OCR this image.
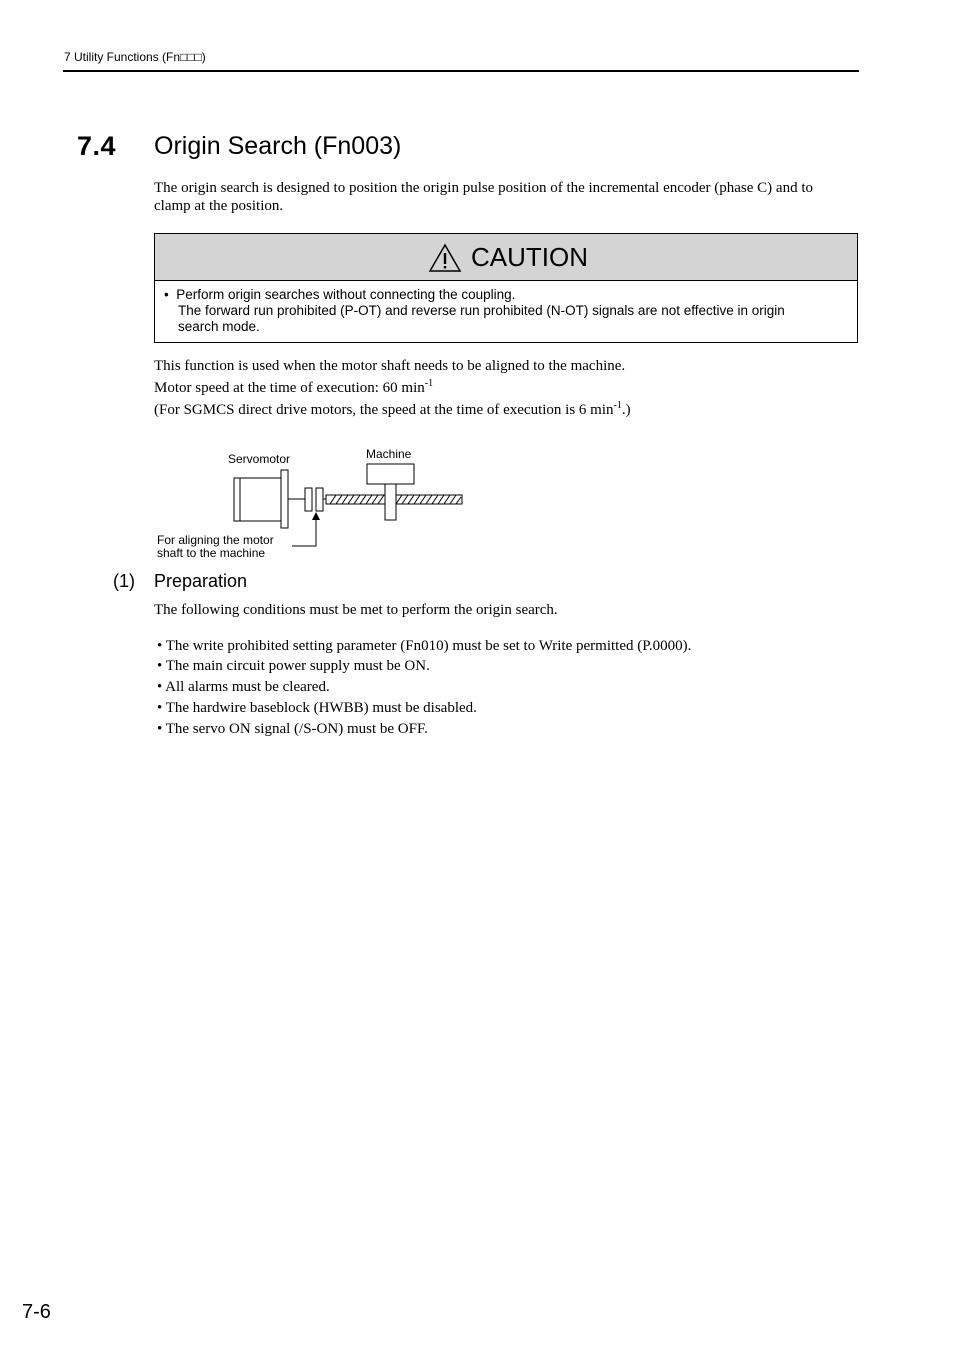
7 Utility Functions (Fn□□□)
7.4 Origin Search (Fn003)
The origin search is designed to position the origin pulse position of the incremental encoder (phase C) and to
clamp at the position.
CAUTION
• Perform origin searches without connecting the coupling.
The forward run prohibited (P-OT) and reverse run prohibited (N-OT) signals are not effective in origin
search mode.
This function is used when the motor shaft needs to be aligned to the machine.
Motor speed at the time of execution: 60 $\min^{-1}$
(For SGMCS direct drive motors, the speed at the time of execution is 6 $\min^{-1}$.)
Servomotor	Machine
For aligning the motor
shaft to the machine
(1) Preparation
The following conditions must be met to perform the origin search.
• The write prohibited setting parameter (Fn010) must be set to Write permitted (P.0000).
• The main circuit power supply must be ON.
• All alarms must be cleared.
• The hardwire baseblock (HWBB) must be disabled.
• The servo ON signal (/S-ON) must be OFF.
7-6
